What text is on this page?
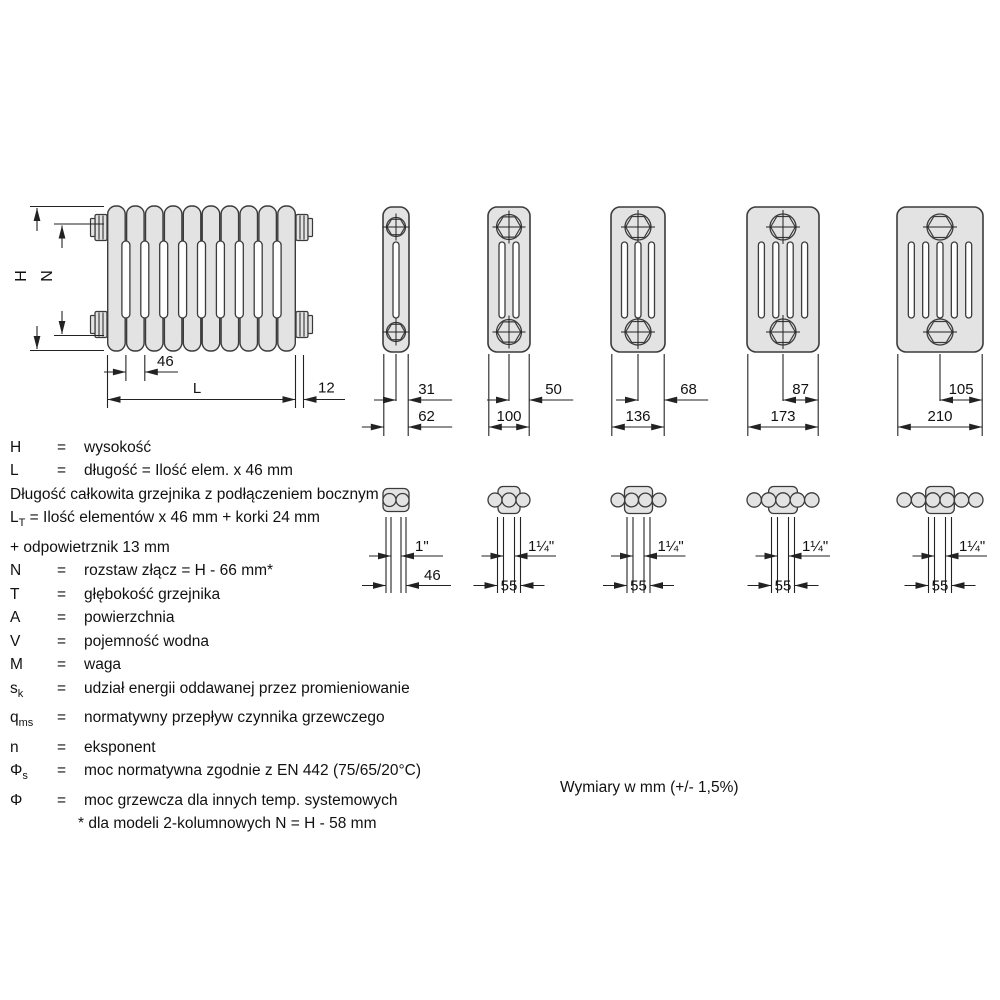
H N
46
L	12	31
62
50
100
68
136
87
173
105
210
1"
46
1¼"
55
1¼"
55
1¼"
55
1¼"
55
H = wysokość
L = długość = Ilość elem. x 46 mm
Długość całkowita grzejnika z podłączeniem bocznym
$L_T$ = Ilość elementów x 46 mm + korki 24 mm
+ odpowietrznik 13 mm
N = rozstaw złącz = H - 66 mm*
T = głębokość grzejnika
A = powierzchnia
V = pojemność wodna
M = waga
$s_k$ = udział energii oddawanej przez promieniowanie
$q_{ms}$ = normatywny przepływ czynnika grzewczego
n = eksponent
$\Phi_s$ = moc normatywna zgodnie z EN 442 (75/65/20°C)
Φ = moc grzewcza dla innych temp. systemowych
* dla modeli 2-kolumnowych N = H - 58 mm
Wymiary w mm (+/- 1,5%)
